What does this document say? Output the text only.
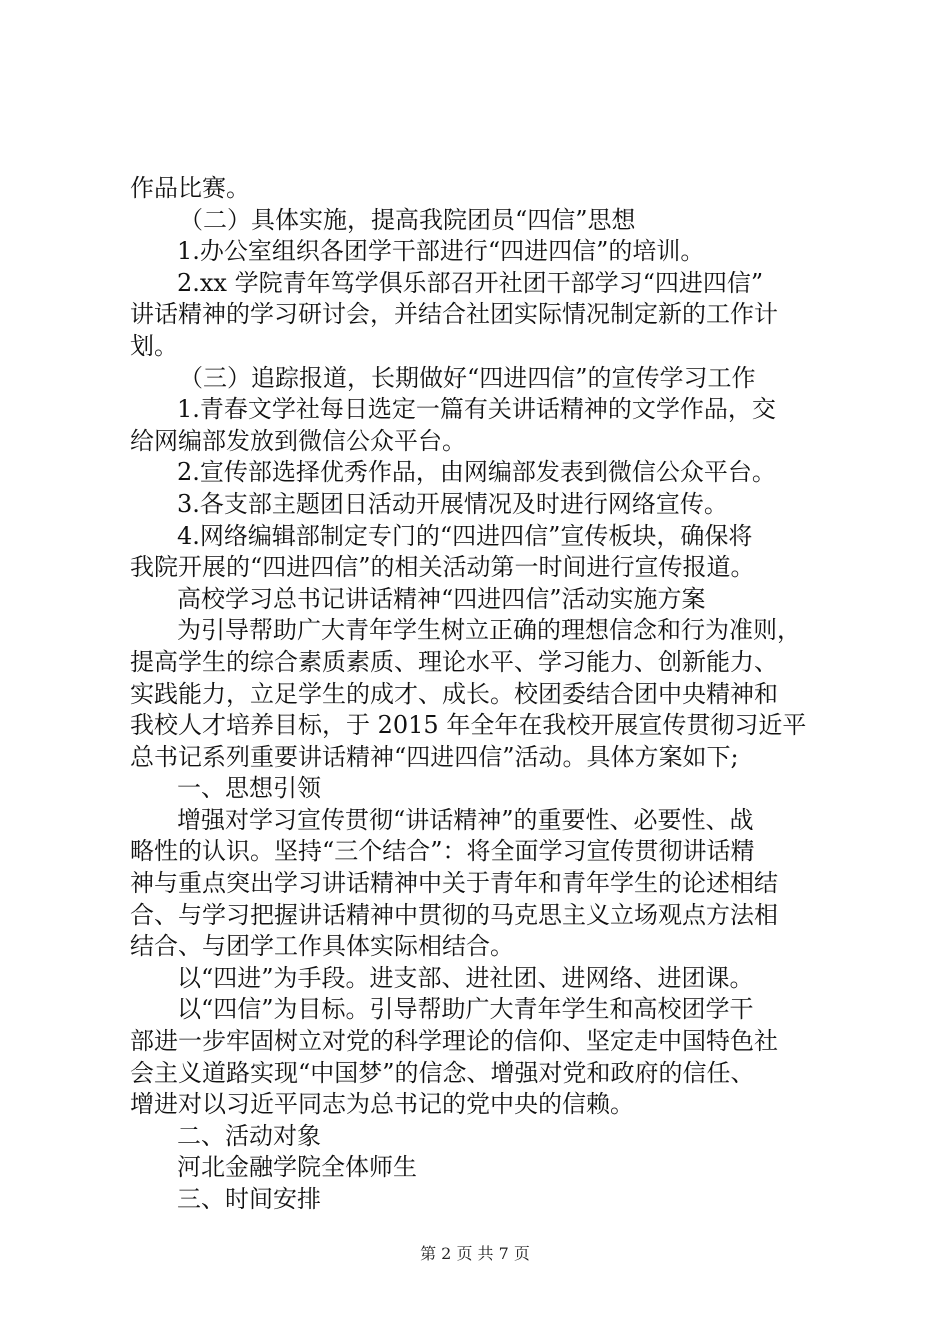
作品比赛。
（二）具体实施，提高我院团员“四信”思想
1.办公室组织各团学干部进行“四进四信”的培训。
2.xx 学院青年笃学俱乐部召开社团干部学习“四进四信”
讲话精神的学习研讨会，并结合社团实际情况制定新的工作计
划。
（三）追踪报道，长期做好“四进四信”的宣传学习工作
1.青春文学社每日选定一篇有关讲话精神的文学作品，交
给网编部发放到微信公众平台。
2.宣传部选择优秀作品，由网编部发表到微信公众平台。
3.各支部主题团日活动开展情况及时进行网络宣传。
4.网络编辑部制定专门的“四进四信”宣传板块，确保将
我院开展的“四进四信”的相关活动第一时间进行宣传报道。
高校学习总书记讲话精神“四进四信”活动实施方案
为引导帮助广大青年学生树立正确的理想信念和行为准则，
提高学生的综合素质素质、理论水平、学习能力、创新能力、
实践能力，立足学生的成才、成长。校团委结合团中央精神和
我校人才培养目标，于 2015 年全年在我校开展宣传贯彻习近平
总书记系列重要讲话精神“四进四信”活动。具体方案如下;
一、思想引领
增强对学习宣传贯彻“讲话精神”的重要性、必要性、战
略性的认识。坚持“三个结合”：将全面学习宣传贯彻讲话精
神与重点突出学习讲话精神中关于青年和青年学生的论述相结
合、与学习把握讲话精神中贯彻的马克思主义立场观点方法相
结合、与团学工作具体实际相结合。
以“四进”为手段。进支部、进社团、进网络、进团课。
以“四信”为目标。引导帮助广大青年学生和高校团学干
部进一步牢固树立对党的科学理论的信仰、坚定走中国特色社
会主义道路实现“中国梦”的信念、增强对党和政府的信任、
增进对以习近平同志为总书记的党中央的信赖。
二、活动对象
河北金融学院全体师生
三、时间安排
第 2 页 共 7 页
